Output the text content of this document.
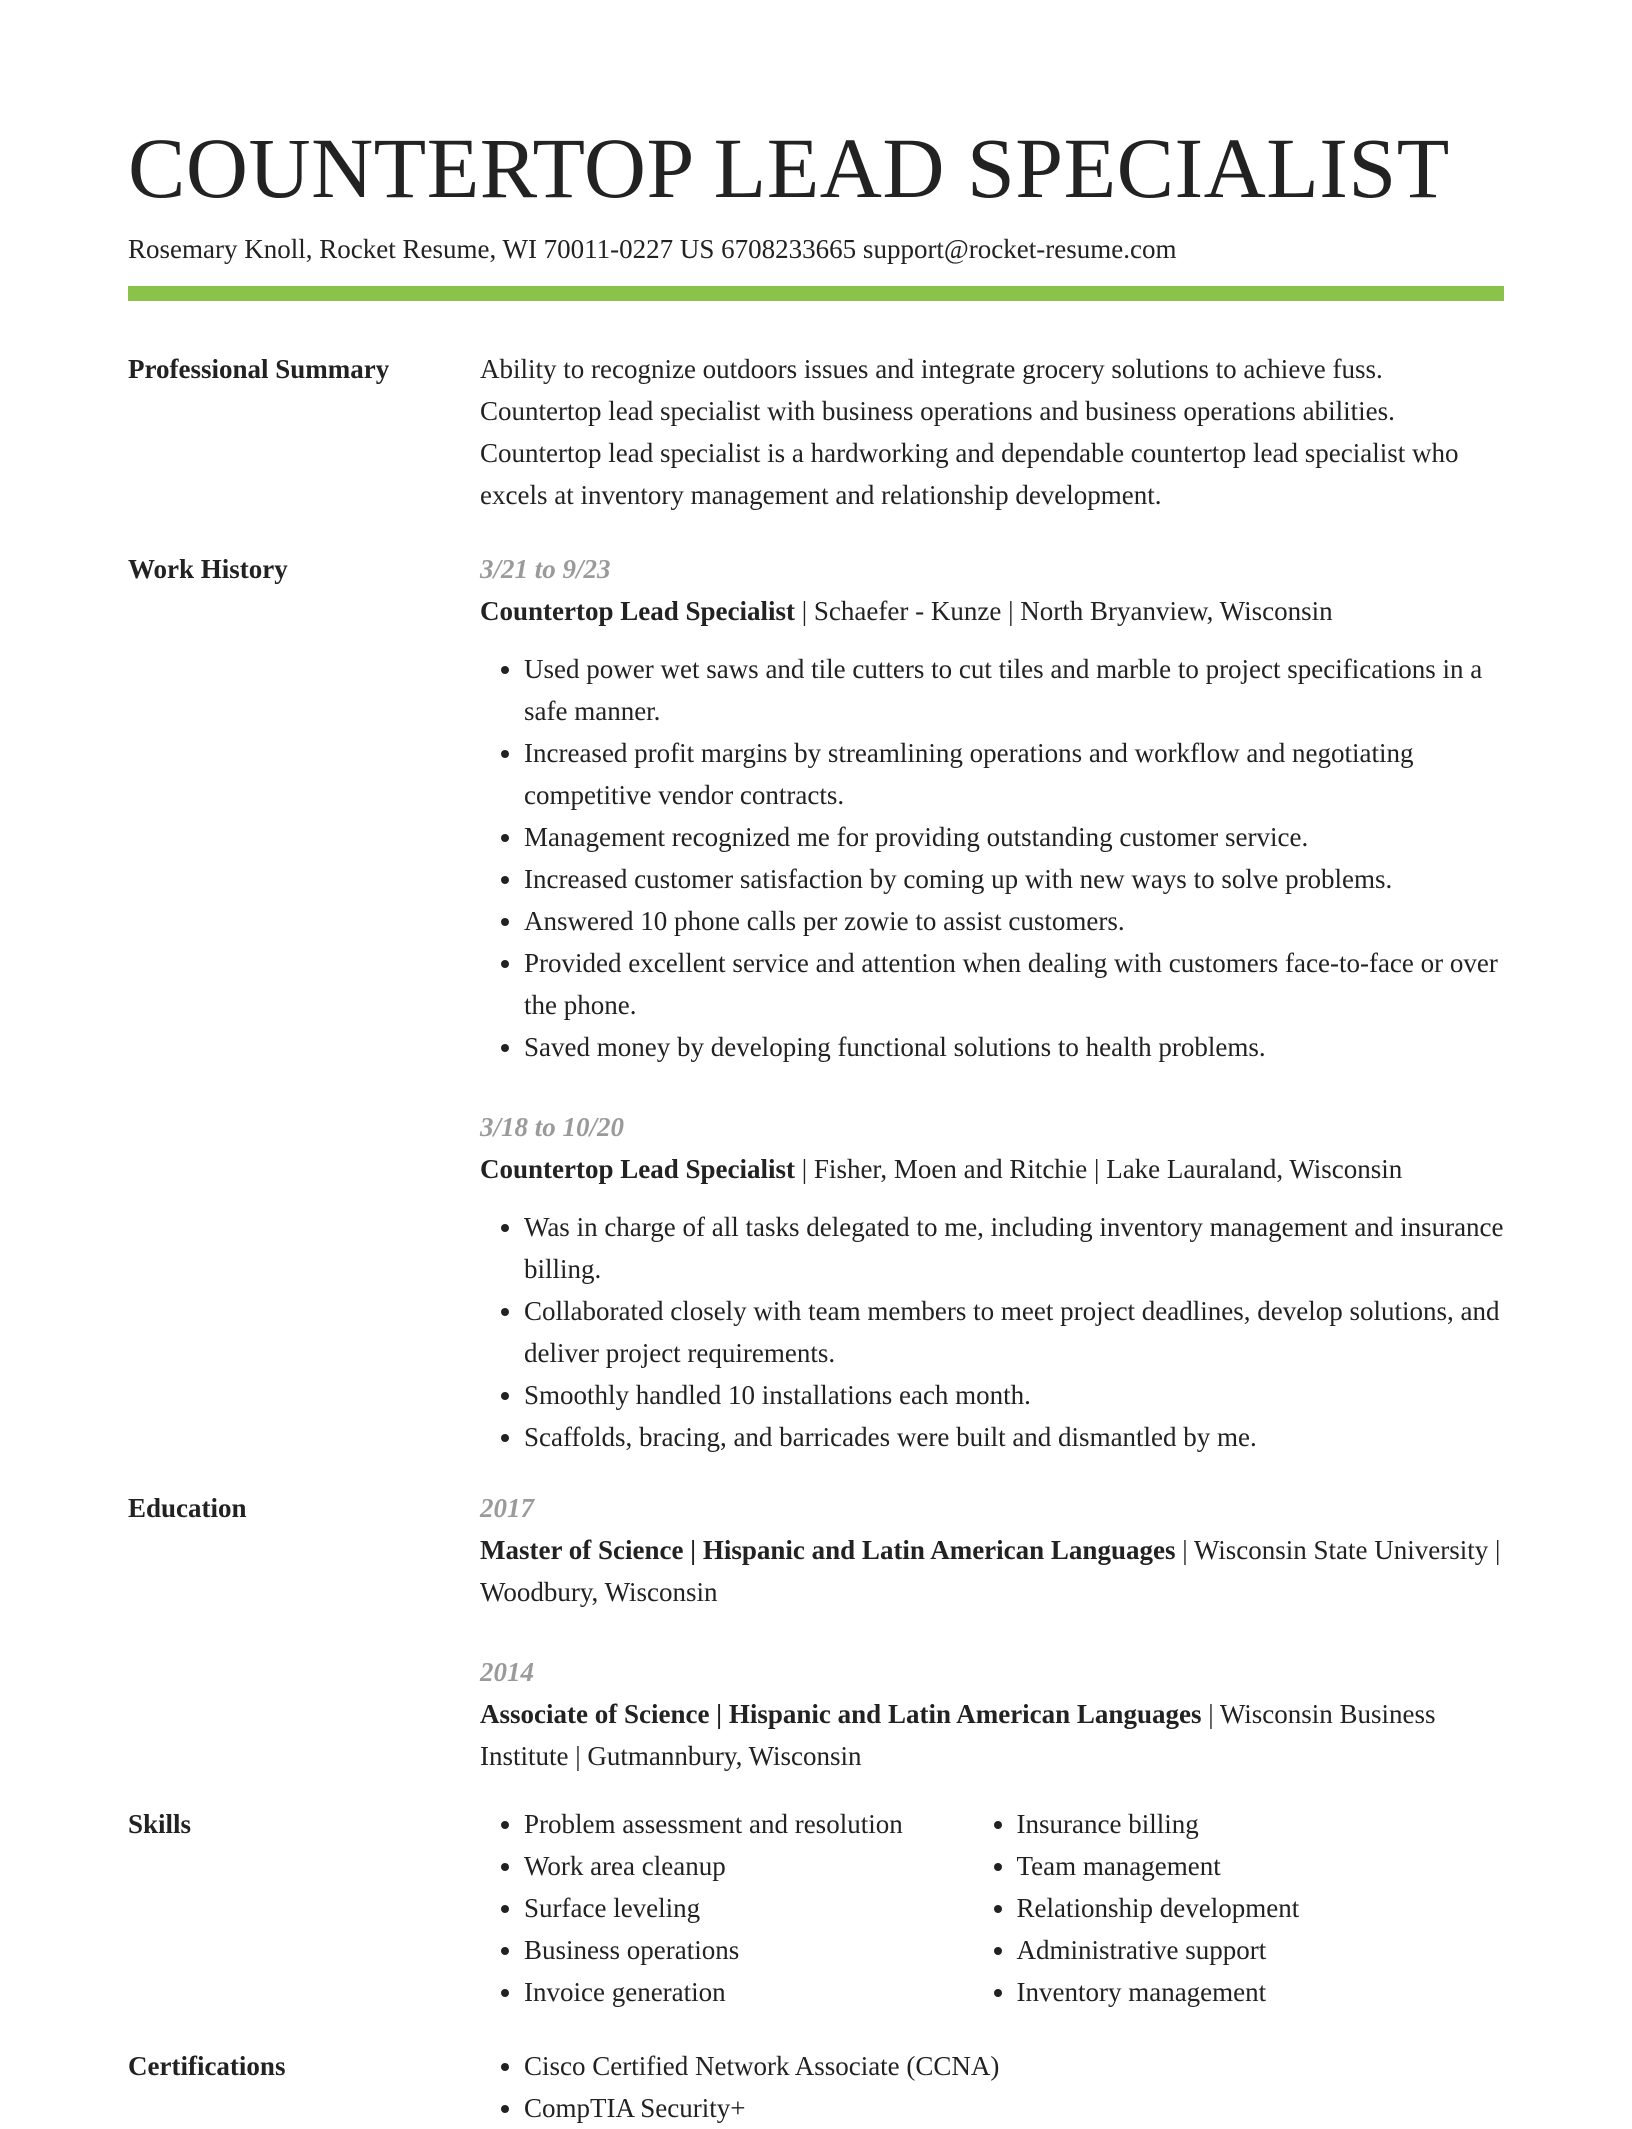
COUNTERTOP LEAD SPECIALIST
Rosemary Knoll, Rocket Resume, WI 70011-0227 US 6708233665 support@rocket-resume.com
Professional Summary	Ability to recognize outdoors issues and integrate grocery solutions to achieve fuss. Countertop lead specialist with business operations and business operations abilities. Countertop lead specialist is a hardworking and dependable countertop lead specialist who excels at inventory management and relationship development.

Work History	3/21 to 9/23
Countertop Lead Specialist | Schaefer - Kunze | North Bryanview, Wisconsin
• Used power wet saws and tile cutters to cut tiles and marble to project specifications in a safe manner.
• Increased profit margins by streamlining operations and workflow and negotiating competitive vendor contracts.
• Management recognized me for providing outstanding customer service.
• Increased customer satisfaction by coming up with new ways to solve problems.
• Answered 10 phone calls per zowie to assist customers.
• Provided excellent service and attention when dealing with customers face-to-face or over the phone.
• Saved money by developing functional solutions to health problems.
3/18 to 10/20
Countertop Lead Specialist | Fisher, Moen and Ritchie | Lake Lauraland, Wisconsin
• Was in charge of all tasks delegated to me, including inventory management and insurance billing.
• Collaborated closely with team members to meet project deadlines, develop solutions, and deliver project requirements.
• Smoothly handled 10 installations each month.
• Scaffolds, bracing, and barricades were built and dismantled by me.
Education	2017
Master of Science | Hispanic and Latin American Languages | Wisconsin State University | Woodbury, Wisconsin
2014
Associate of Science | Hispanic and Latin American Languages | Wisconsin Business Institute | Gutmannbury, Wisconsin
Skills	• Problem assessment and resolution
• Work area cleanup
• Surface leveling
• Business operations
• Invoice generation
• Insurance billing
• Team management
• Relationship development
• Administrative support
• Inventory management
Certifications	• Cisco Certified Network Associate (CCNA)
• CompTIA Security+
